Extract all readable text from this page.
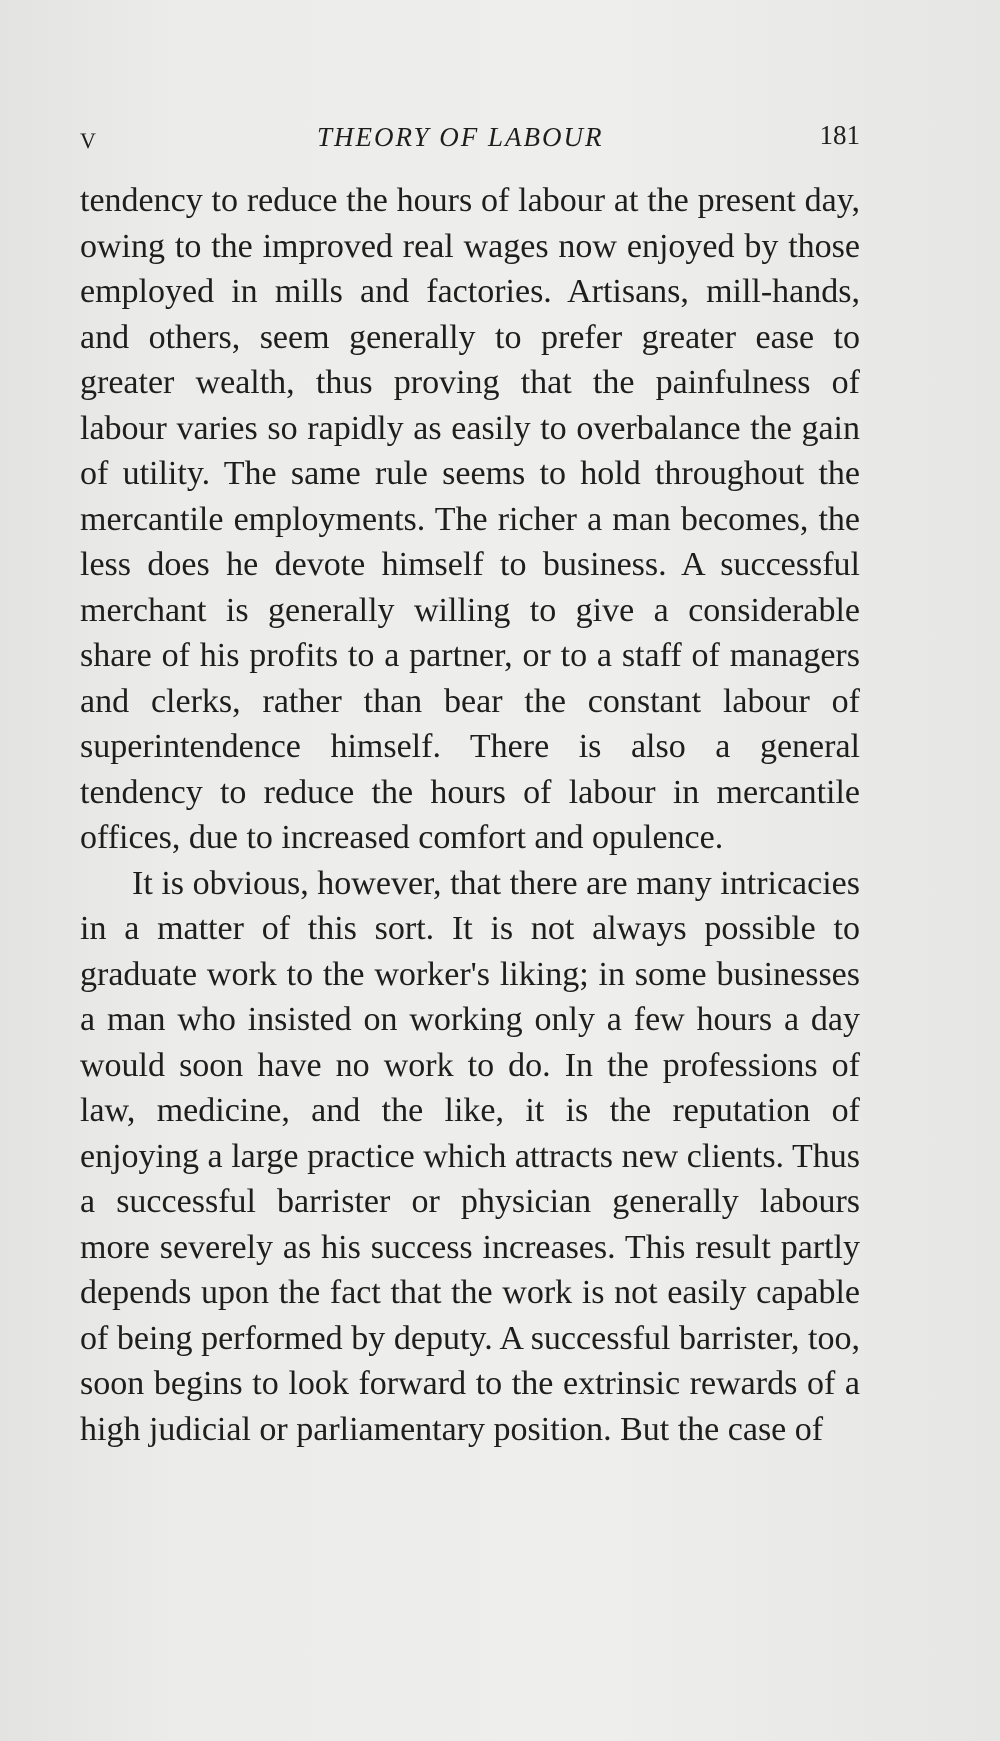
V	THEORY OF LABOUR	181

tendency to reduce the hours of labour at the present day, owing to the improved real wages now enjoyed by those employed in mills and factories. Artisans, mill-hands, and others, seem generally to prefer greater ease to greater wealth, thus proving that the painfulness of labour varies so rapidly as easily to overbalance the gain of utility. The same rule seems to hold throughout the mercantile employments. The richer a man becomes, the less does he devote himself to business. A successful merchant is generally willing to give a considerable share of his profits to a partner, or to a staff of managers and clerks, rather than bear the constant labour of superintendence himself. There is also a general tendency to reduce the hours of labour in mercantile offices, due to increased comfort and opulence.

It is obvious, however, that there are many intricacies in a matter of this sort. It is not always possible to graduate work to the worker's liking; in some businesses a man who insisted on working only a few hours a day would soon have no work to do. In the professions of law, medicine, and the like, it is the reputation of enjoying a large practice which attracts new clients. Thus a successful barrister or physician generally labours more severely as his success increases. This result partly depends upon the fact that the work is not easily capable of being performed by deputy. A successful barrister, too, soon begins to look forward to the extrinsic rewards of a high judicial or parliamentary position. But the case of
